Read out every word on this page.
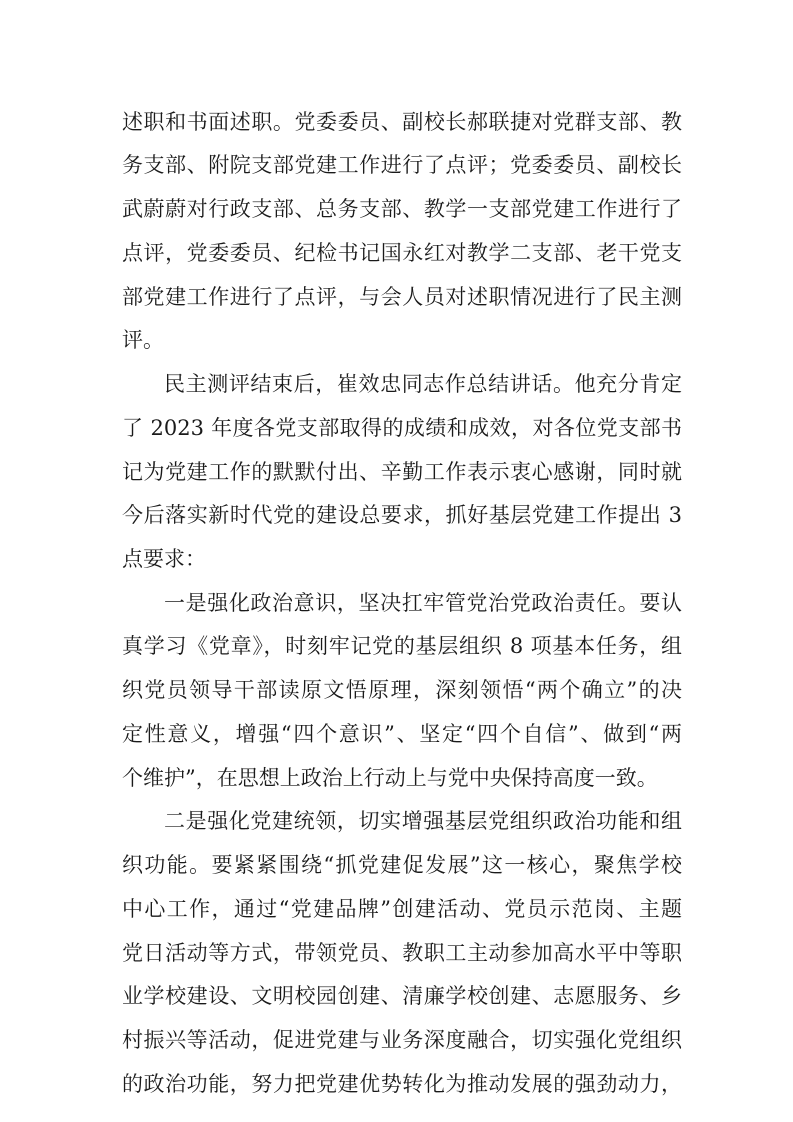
述职和书面述职。党委委员、副校长郝联捷对党群支部、教
务支部、附院支部党建工作进行了点评；党委委员、副校长
武蔚蔚对行政支部、总务支部、教学一支部党建工作进行了
点评，党委委员、纪检书记国永红对教学二支部、老干党支
部党建工作进行了点评，与会人员对述职情况进行了民主测
评。
民主测评结束后，崔效忠同志作总结讲话。他充分肯定
了 2023 年度各党支部取得的成绩和成效，对各位党支部书
记为党建工作的默默付出、辛勤工作表示衷心感谢，同时就
今后落实新时代党的建设总要求，抓好基层党建工作提出 3
点要求：
一是强化政治意识，坚决扛牢管党治党政治责任。要认
真学习《党章》，时刻牢记党的基层组织 8 项基本任务，组
织党员领导干部读原文悟原理，深刻领悟“两个确立”的决
定性意义，增强“四个意识”、坚定“四个自信”、做到“两
个维护”，在思想上政治上行动上与党中央保持高度一致。
二是强化党建统领，切实增强基层党组织政治功能和组
织功能。要紧紧围绕“抓党建促发展”这一核心，聚焦学校
中心工作，通过“党建品牌”创建活动、党员示范岗、主题
党日活动等方式，带领党员、教职工主动参加高水平中等职
业学校建设、文明校园创建、清廉学校创建、志愿服务、乡
村振兴等活动，促进党建与业务深度融合，切实强化党组织
的政治功能，努力把党建优势转化为推动发展的强劲动力，
